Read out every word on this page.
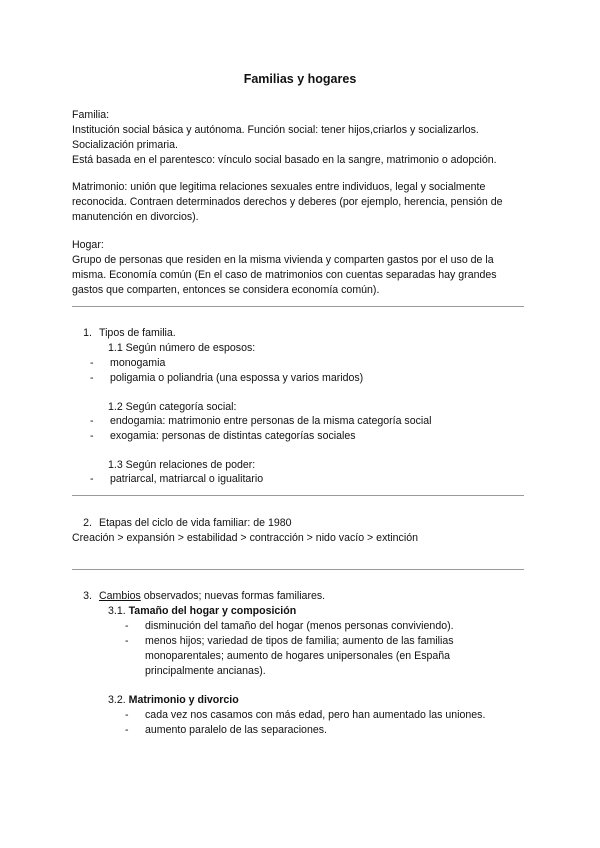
Familias y hogares
Familia:
Institución social básica y autónoma. Función social: tener hijos,criarlos y socializarlos.
Socialización primaria.
Está basada en el parentesco: vínculo social basado en la sangre, matrimonio o adopción.
Matrimonio: unión que legitima relaciones sexuales entre individuos, legal y socialmente
reconocida. Contraen determinados derechos y deberes (por ejemplo, herencia, pensión de
manutención en divorcios).
Hogar:
Grupo de personas que residen en la misma vivienda y comparten gastos por el uso de la
misma. Economía común (En el caso de matrimonios con cuentas separadas hay grandes
gastos que comparten, entonces se considera economía común).
1. Tipos de familia.
1.1 Según número de esposos:
- monogamia
- poligamia o poliandria (una espossa y varios maridos)
1.2 Según categoría social:
- endogamia: matrimonio entre personas de la misma categoría social
- exogamia: personas de distintas categorías sociales
1.3 Según relaciones de poder:
- patriarcal, matriarcal o igualitario
2. Etapas del ciclo de vida familiar: de 1980
Creación > expansión > estabilidad > contracción > nido vacío > extinción
3. Cambios observados; nuevas formas familiares.
3.1. Tamaño del hogar y composición
- disminución del tamaño del hogar (menos personas conviviendo).
- menos hijos; variedad de tipos de familia; aumento de las familias
monoparentales; aumento de hogares unipersonales (en España
principalmente ancianas).
3.2. Matrimonio y divorcio
- cada vez nos casamos con más edad, pero han aumentado las uniones.
- aumento paralelo de las separaciones.
